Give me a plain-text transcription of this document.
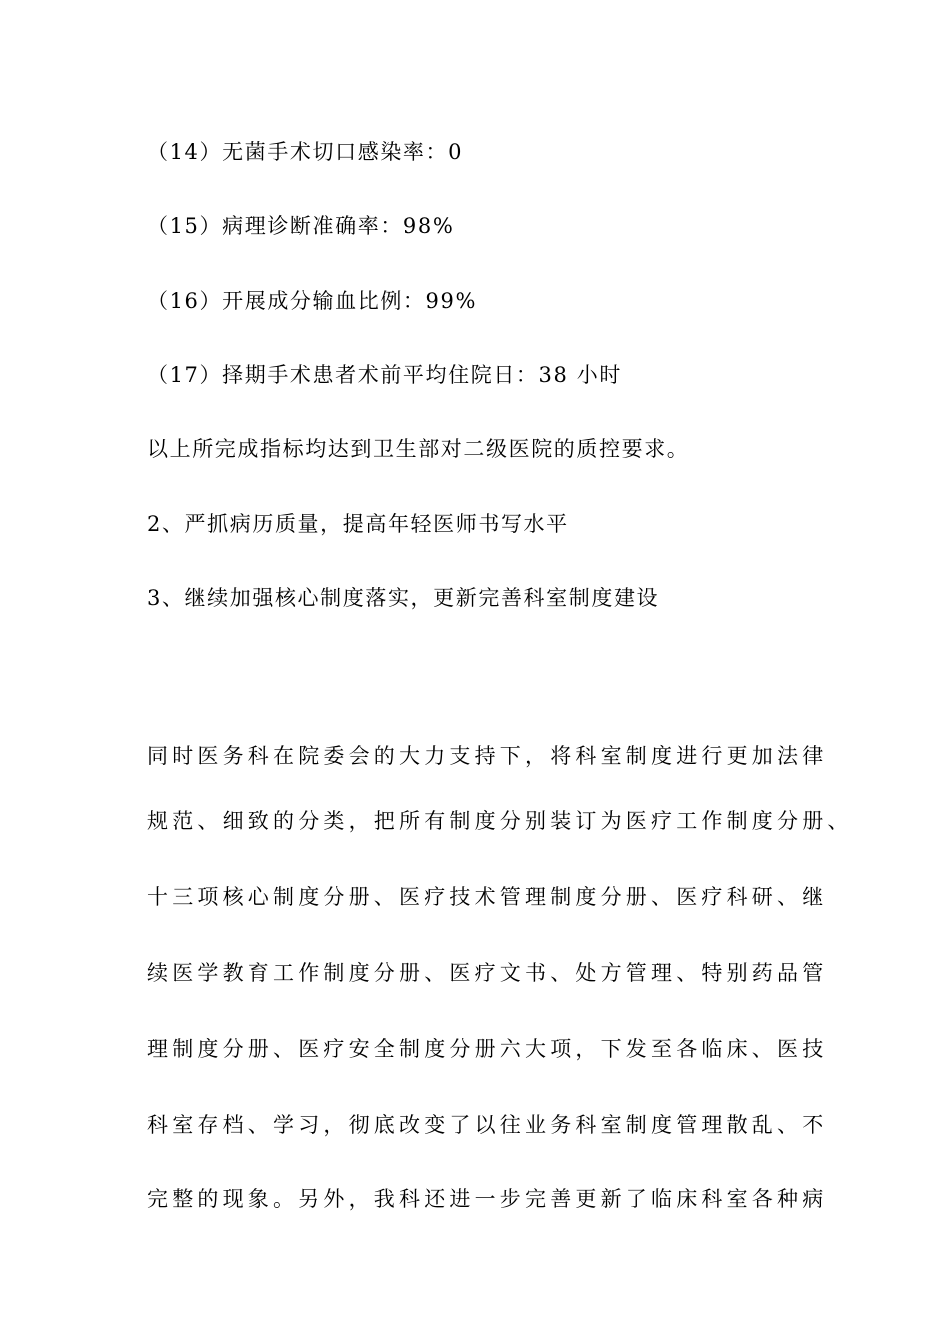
（14）无菌手术切口感染率：0
（15）病理诊断准确率：98%
（16）开展成分输血比例：99%
（17）择期手术患者术前平均住院日：38 小时
以上所完成指标均达到卫生部对二级医院的质控要求。
2、严抓病历质量，提高年轻医师书写水平
3、继续加强核心制度落实，更新完善科室制度建设
同时医务科在院委会的大力支持下，将科室制度进行更加法律
规范、细致的分类，把所有制度分别装订为医疗工作制度分册、
十三项核心制度分册、医疗技术管理制度分册、医疗科研、继
续医学教育工作制度分册、医疗文书、处方管理、特别药品管
理制度分册、医疗安全制度分册六大项，下发至各临床、医技
科室存档、学习，彻底改变了以往业务科室制度管理散乱、不
完整的现象。另外，我科还进一步完善更新了临床科室各种病
